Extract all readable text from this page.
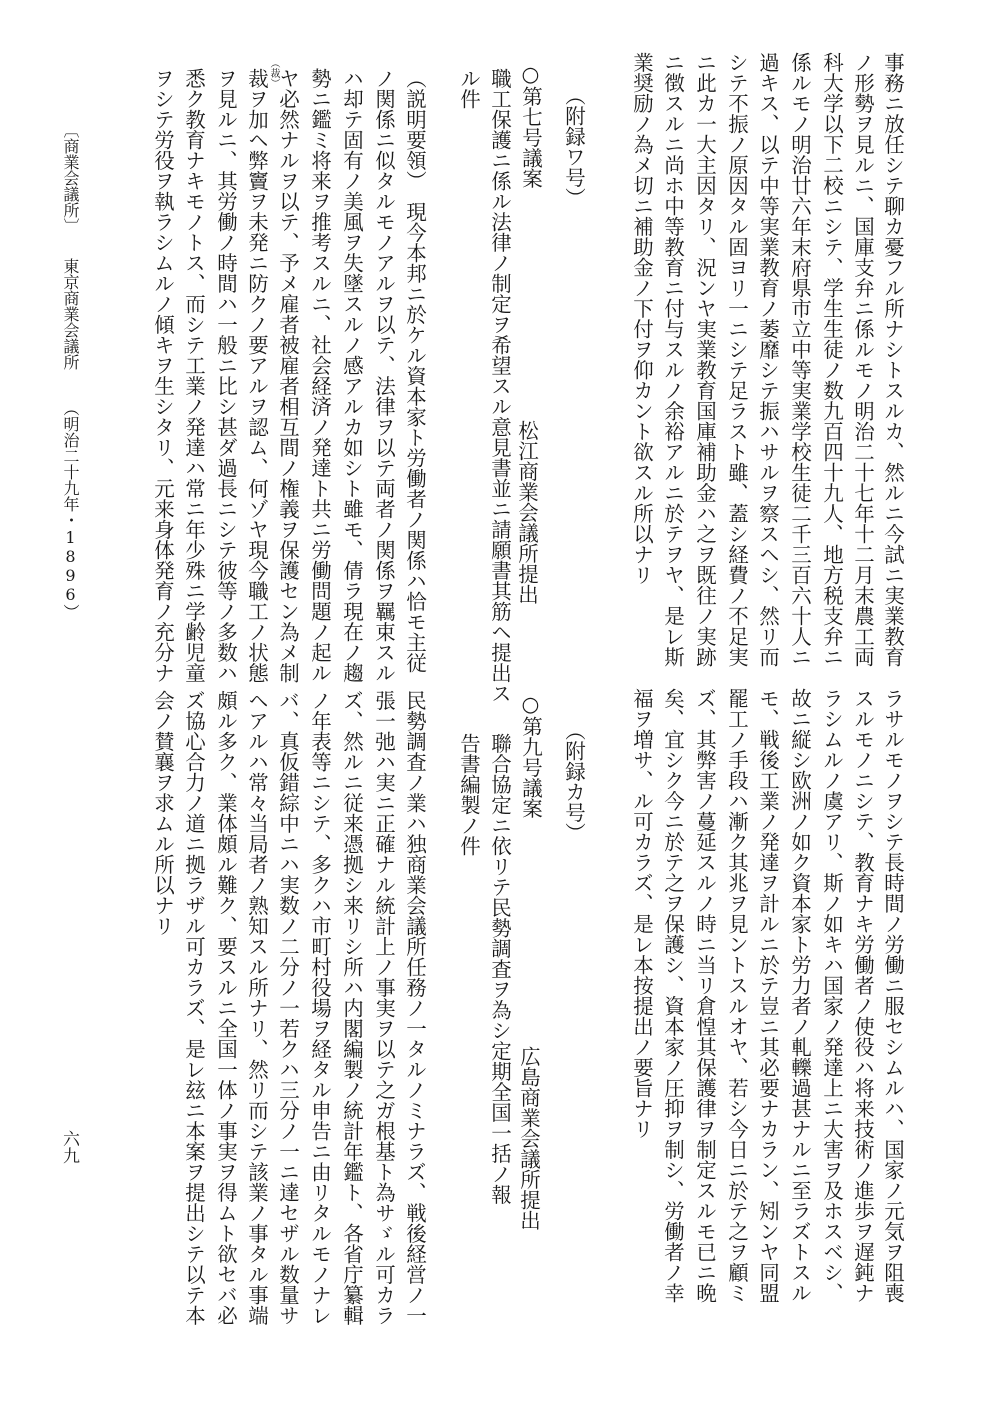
事務ニ放任シテ聊カ憂フル所ナシトスルカ、然ルニ今試ニ実業教育
ノ形勢ヲ見ルニ、国庫支弁ニ係ルモノ明治二十七年十二月末農工両
科大学以下二校ニシテ、学生生徒ノ数九百四十九人、地方税支弁ニ
係ルモノ明治廿六年末府県市立中等実業学校生徒二千三百六十人ニ
過キス、以テ中等実業教育ノ萎靡シテ振ハサルヲ察スヘシ、然リ而
シテ不振ノ原因タル固ヨリ一ニシテ足ラスト雖、蓋シ経費ノ不足実
ニ此カ一大主因タリ、況ンヤ実業教育国庫補助金ハ之ヲ既往ノ実跡
ニ徴スルニ尚ホ中等教育ニ付与スルノ余裕アルニ於テヲヤ、是レ斯
業奨励ノ為メ切ニ補助金ノ下付ヲ仰カント欲スル所以ナリ
（附録ワ号）
○第七号議案
職工保護ニ係ル法律ノ制定ヲ希望スル意見書並ニ請願書其筋ヘ提出ス 松江商業会議所提出
ル件
（説明要領）　現今本邦ニ於ケル資本家ト労働者ノ関係ハ恰モ主従
ノ関係ニ似タルモノアルヲ以テ、法律ヲ以テ両者ノ関係ヲ羈束スル
ハ却テ固有ノ美風ヲ失墜スルノ感アルカ如シト雖モ、倩ラ現在ノ趨
勢ニ鑑ミ将来ヲ推考スルニ、社会経済ノ発達ト共ニ労働問題ノ起ル
ヤ必然ナルヲ以テ、予メ雇者被雇者相互間ノ権義ヲ保護セン為メ制
裁ヲ加ヘ弊竇ヲ未発ニ防クノ要アルヲ認ム、何ゾヤ現今職工ノ状態 （裁）
ヲ見ルニ、其労働ノ時間ハ一般ニ比シ甚ダ過長ニシテ彼等ノ多数ハ
悉ク教育ナキモノトス、而シテ工業ノ発達ハ常ニ年少殊ニ学齢児童
ヲシテ労役ヲ執ラシムルノ傾キヲ生シタリ、元来身体発育ノ充分ナ
ラサルモノヲシテ長時間ノ労働ニ服セシムルハ、国家ノ元気ヲ阻喪
スルモノニシテ、教育ナキ労働者ノ使役ハ将来技術ノ進歩ヲ遅鈍ナ
ラシムルノ虞アリ、斯ノ如キハ国家ノ発達上ニ大害ヲ及ホスベシ、
故ニ縦シ欧洲ノ如ク資本家ト労力者ノ軋轢過甚ナルニ至ラズトスル
モ、戦後工業ノ発達ヲ計ルニ於テ豈ニ其必要ナカラン、矧ンヤ同盟
罷工ノ手段ハ漸ク其兆ヲ見ントスルオヤ、若シ今日ニ於テ之ヲ顧ミ
ズ、其弊害ノ蔓延スルノ時ニ当リ倉惶其保護律ヲ制定スルモ已ニ晩
矣、宜シク今ニ於テ之ヲ保護シ、資本家ノ圧抑ヲ制シ、労働者ノ幸
福ヲ増サ、ル可カラズ、是レ本按提出ノ要旨ナリ
（附録カ号）
○第九号議案
聯合協定ニ依リテ民勢調査ヲ為シ定期全国一括ノ報 広島商業会議所提出
告書編製ノ件
民勢調査ノ業ハ独商業会議所任務ノ一タルノミナラズ、戦後経営ノ一
張一弛ハ実ニ正確ナル統計上ノ事実ヲ以テ之ガ根基ト為サゞル可カラ
ズ、然ルニ従来憑拠シ来リシ所ハ内閣編製ノ統計年鑑ト、各省庁纂輯
ノ年表等ニシテ、多クハ市町村役場ヲ経タル申告ニ由リタルモノナレ
バ、真仮錯綜中ニハ実数ノ二分ノ一若クハ三分ノ一ニ達セザル数量サ
ヘアルハ常々当局者ノ熟知スル所ナリ、然リ而シテ該業ノ事タル事端
頗ル多ク、業体頗ル難ク、要スルニ全国一体ノ事実ヲ得ムト欲セバ必
ズ協心合力ノ道ニ拠ラザル可カラズ、是レ玆ニ本案ヲ提出シテ以テ本
会ノ賛襄ヲ求ムル所以ナリ
〔商業会議所〕
東京商業会議所
（明治二十九年・1896）
六九
